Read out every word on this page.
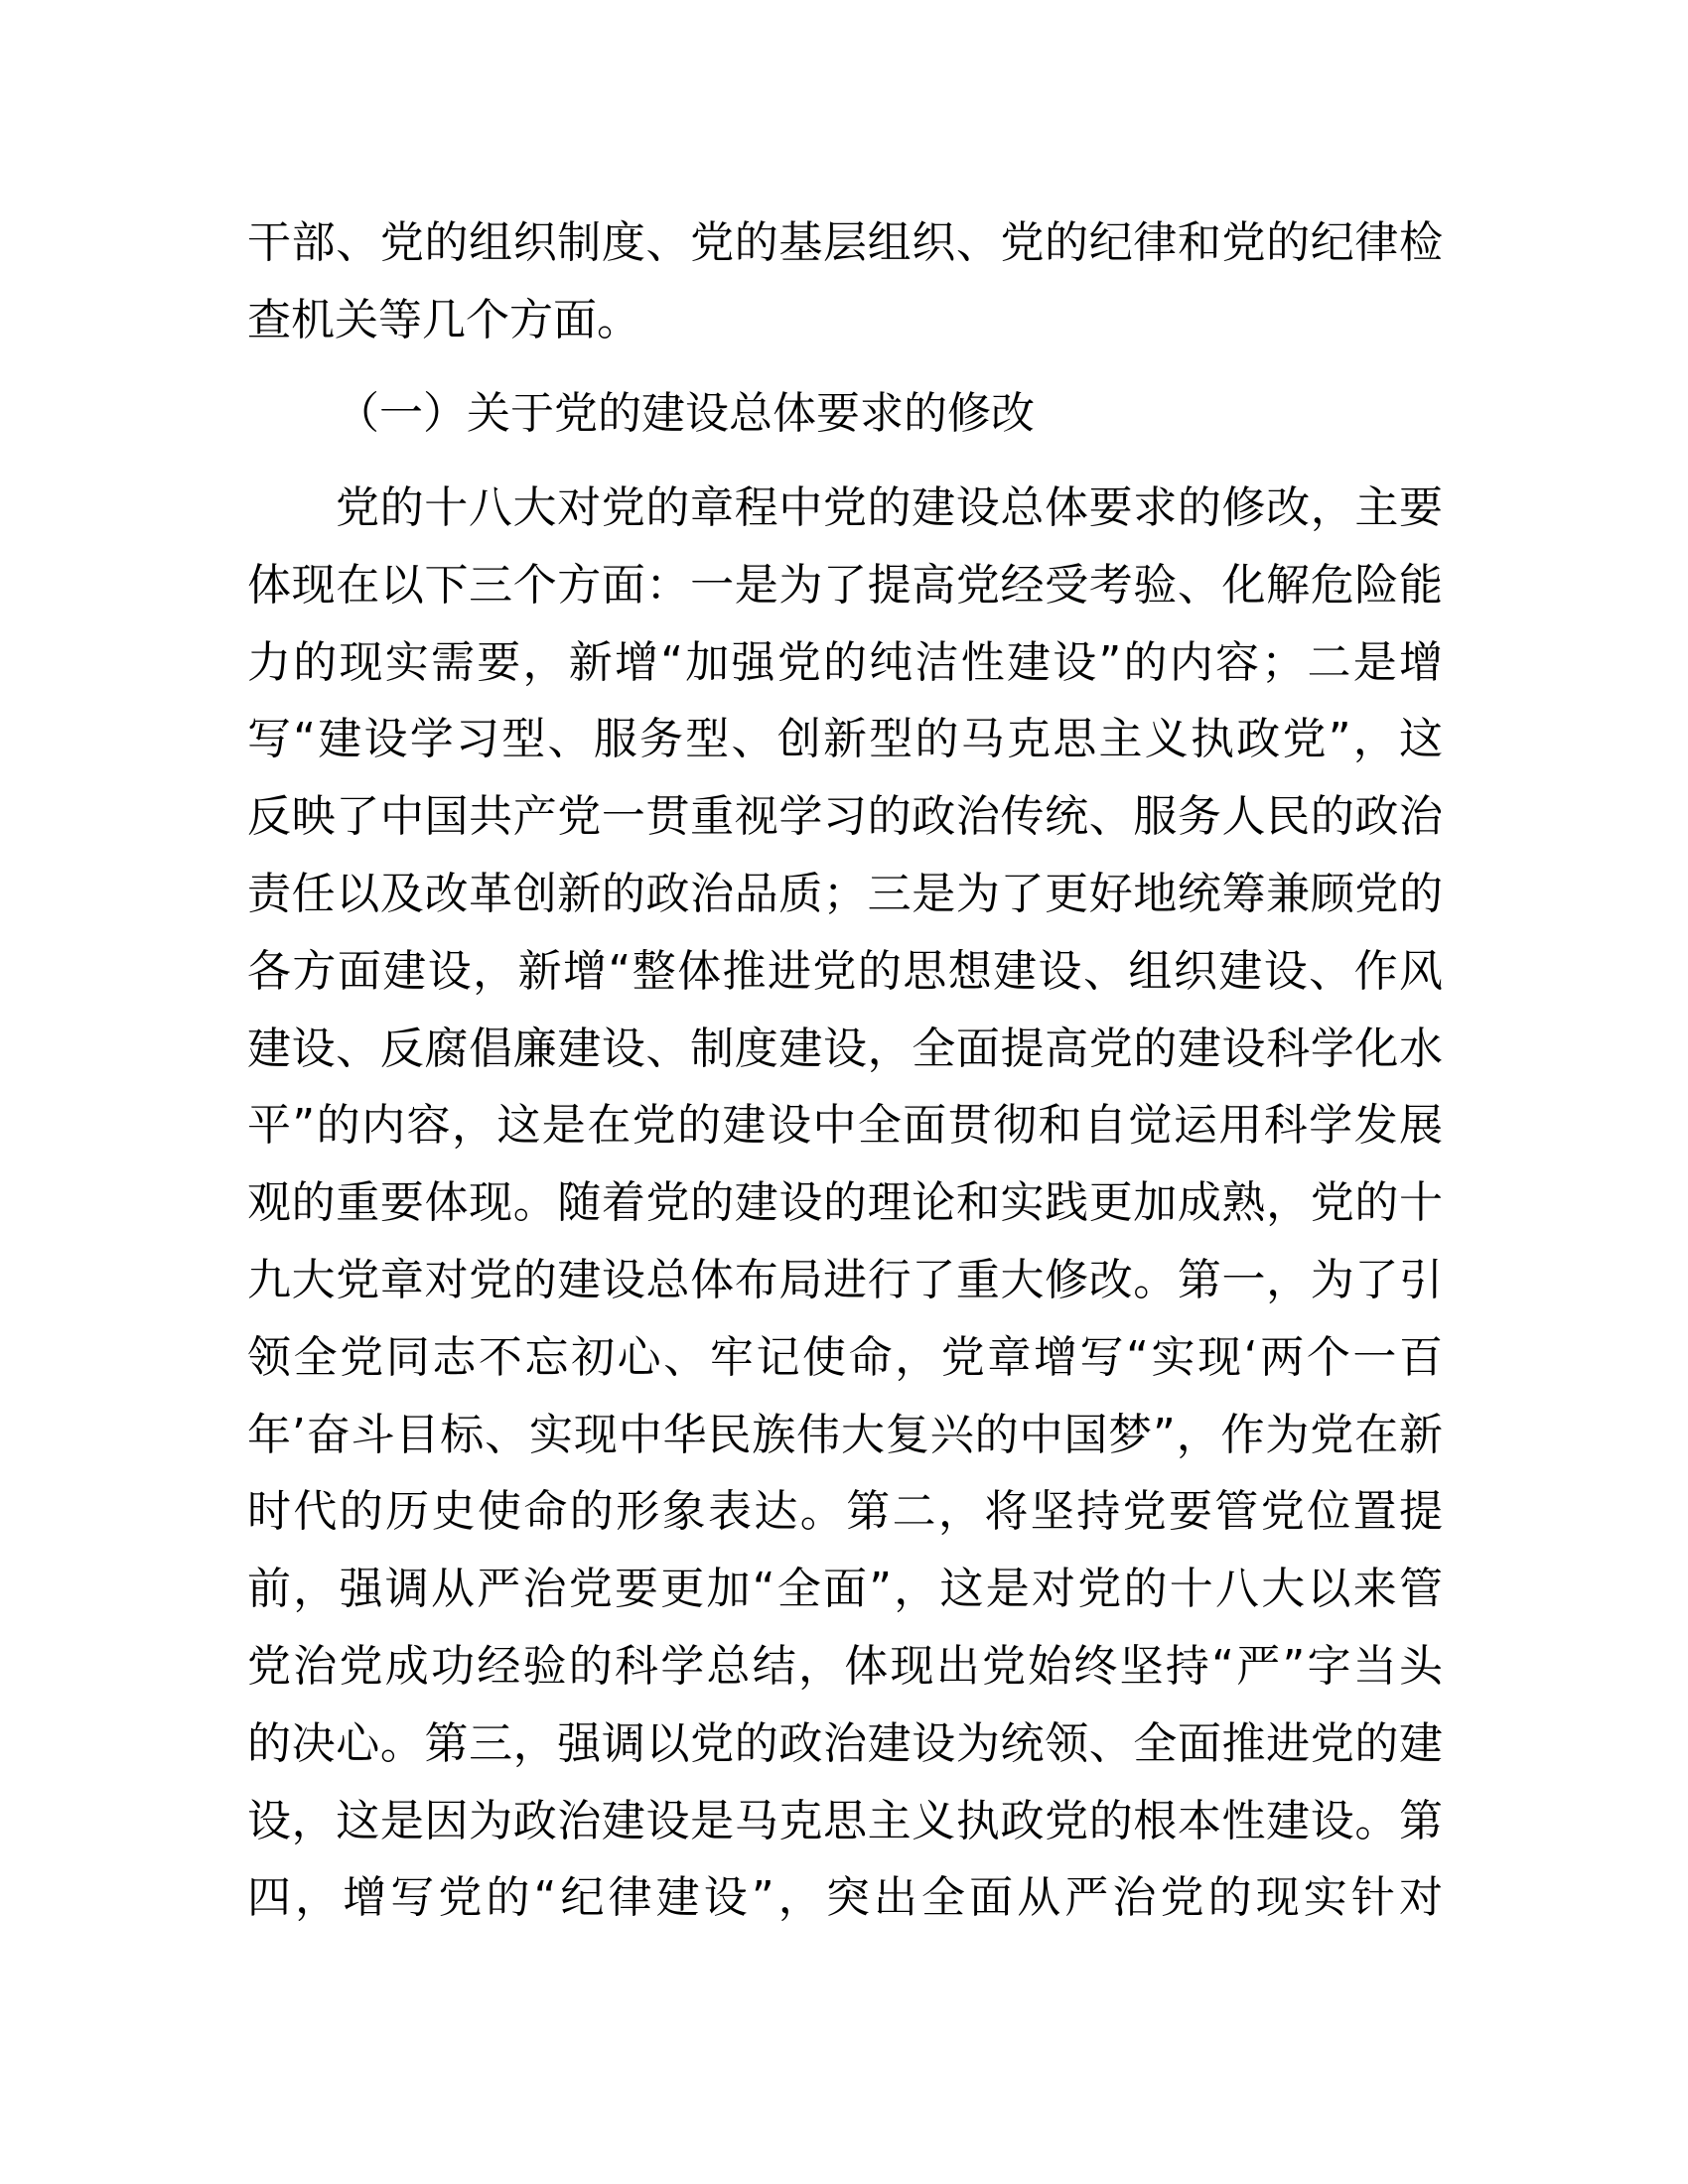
干部、党的组织制度、党的基层组织、党的纪律和党的纪律检
查机关等几个方面。
（一）关于党的建设总体要求的修改
党的十八大对党的章程中党的建设总体要求的修改，主要
体现在以下三个方面：一是为了提高党经受考验、化解危险能
力的现实需要，新增“加强党的纯洁性建设”的内容；二是增
写“建设学习型、服务型、创新型的马克思主义执政党”，这
反映了中国共产党一贯重视学习的政治传统、服务人民的政治
责任以及改革创新的政治品质；三是为了更好地统筹兼顾党的
各方面建设，新增“整体推进党的思想建设、组织建设、作风
建设、反腐倡廉建设、制度建设，全面提高党的建设科学化水
平”的内容，这是在党的建设中全面贯彻和自觉运用科学发展
观的重要体现。随着党的建设的理论和实践更加成熟，党的十
九大党章对党的建设总体布局进行了重大修改。第一，为了引
领全党同志不忘初心、牢记使命，党章增写“实现‘两个一百
年’奋斗目标、实现中华民族伟大复兴的中国梦”，作为党在新
时代的历史使命的形象表达。第二，将坚持党要管党位置提
前，强调从严治党要更加“全面”，这是对党的十八大以来管
党治党成功经验的科学总结，体现出党始终坚持“严”字当头
的决心。第三，强调以党的政治建设为统领、全面推进党的建
设，这是因为政治建设是马克思主义执政党的根本性建设。第
四，增写党的“纪律建设”，突出全面从严治党的现实针对
